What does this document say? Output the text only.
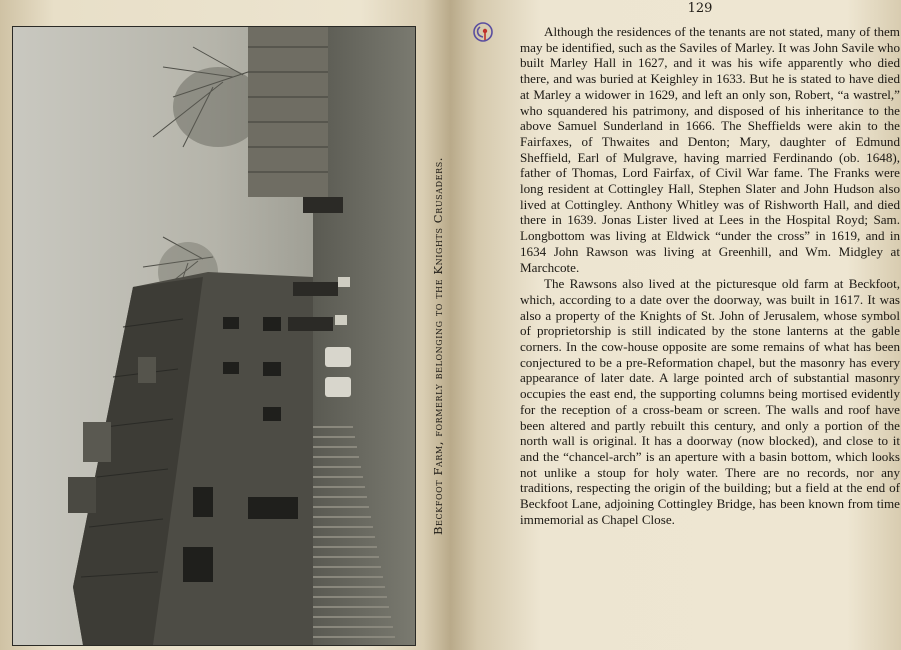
Beckfoot Farm, formerly belonging to the Knights Crusaders.
129

Although the residences of the tenants are not stated, many of them may be identified, such as the Saviles of Marley. It was John Savile who built Marley Hall in 1627, and it was his wife apparently who died there, and was buried at Keighley in 1633. But he is stated to have died at Marley a widower in 1629, and left an only son, Robert, “a wastrel,” who squandered his patrimony, and disposed of his inheritance to the above Samuel Sunderland in 1666. The Sheffields were akin to the Fairfaxes, of Thwaites and Denton; Mary, daughter of Edmund Sheffield, Earl of Mulgrave, having married Ferdinando (ob. 1648), father of Thomas, Lord Fairfax, of Civil War fame. The Franks were long resident at Cottingley Hall, Stephen Slater and John Hudson also lived at Cottingley. Anthony Whitley was of Rishworth Hall, and died there in 1639. Jonas Lister lived at Lees in the Hospital Royd; Sam. Longbottom was living at Eldwick “under the cross” in 1619, and in 1634 John Rawson was living at Greenhill, and Wm. Midgley at Marchcote.

The Rawsons also lived at the picturesque old farm at Beckfoot, which, according to a date over the doorway, was built in 1617. It was also a property of the Knights of St. John of Jerusalem, whose symbol of proprietorship is still indicated by the stone lanterns at the gable corners. In the cow-house opposite are some remains of what has been conjectured to be a pre-Reformation chapel, but the masonry has every appearance of later date. A large pointed arch of substantial masonry occupies the east end, the supporting columns being mortised evidently for the reception of a cross-beam or screen. The walls and roof have been altered and partly rebuilt this century, and only a portion of the north wall is original. It has a doorway (now blocked), and close to it and the “chancel-arch” is an aperture with a basin bottom, which looks not unlike a stoup for holy water. There are no records, nor any traditions, respecting the origin of the building; but a field at the end of Beckfoot Lane, adjoining Cottingley Bridge, has been known from time immemorial as Chapel Close.
